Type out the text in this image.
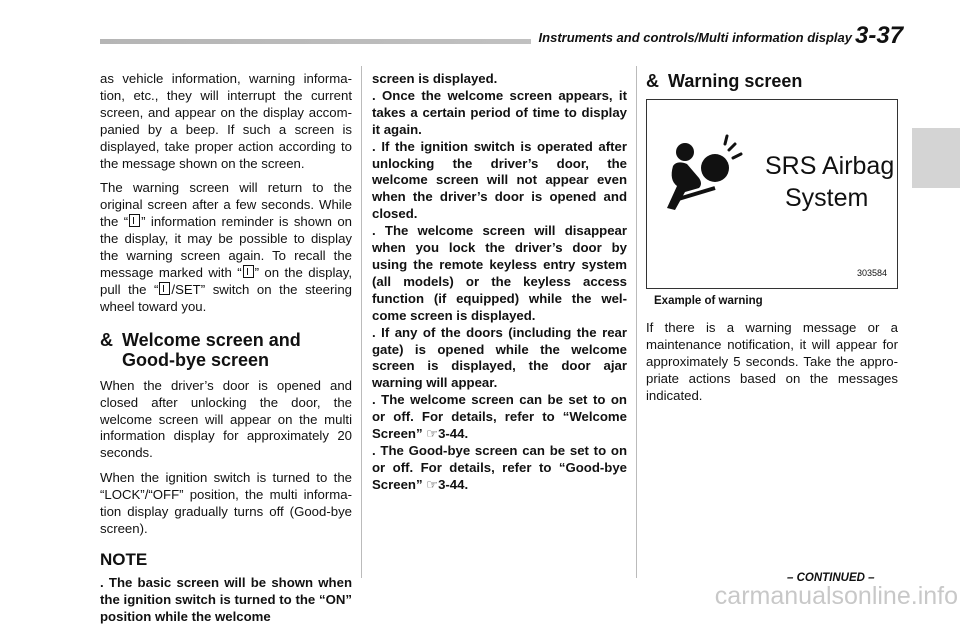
Instruments and controls/Multi information display 3-37

as vehicle information, warning informa-tion, etc., they will interrupt the current screen, and appear on the display accom-panied by a beep. If such a screen is displayed, take proper action according to the message shown on the screen.

The warning screen will return to the original screen after a few seconds. While the “ ” information reminder is shown on the display, it may be possible to display the warning screen again. To recall the message marked with “ ” on the display, pull the “ /SET” switch on the steering wheel toward you.

& Welcome screen and Good-bye screen

When the driver’s door is opened and closed after unlocking the door, the welcome screen will appear on the multi information display for approximately 20 seconds.

When the ignition switch is turned to the “LOCK”/“OFF” position, the multi informa-tion display gradually turns off (Good-bye screen).

NOTE

. The basic screen will be shown when the ignition switch is turned to the “ON” position while the welcome

screen is displayed.

. Once the welcome screen appears, it takes a certain period of time to display it again.

. If the ignition switch is operated after unlocking the driver’s door, the welcome screen will not appear even when the driver’s door is opened and closed.

. The welcome screen will disappear when you lock the driver’s door by using the remote keyless entry system (all models) or the keyless access function (if equipped) while the wel-come screen is displayed.

. If any of the doors (including the rear gate) is opened while the welcome screen is displayed, the door ajar warning will appear.

. The welcome screen can be set to on or off. For details, refer to “Welcome Screen” ☞3-44.

. The Good-bye screen can be set to on or off. For details, refer to “Good-bye Screen” ☞3-44.

& Warning screen
SRS Airbag
System
303584
Example of warning

If there is a warning message or a maintenance notification, it will appear for approximately 5 seconds. Take the appro-priate actions based on the messages indicated.

– CONTINUED –
carmanualsonline.info
